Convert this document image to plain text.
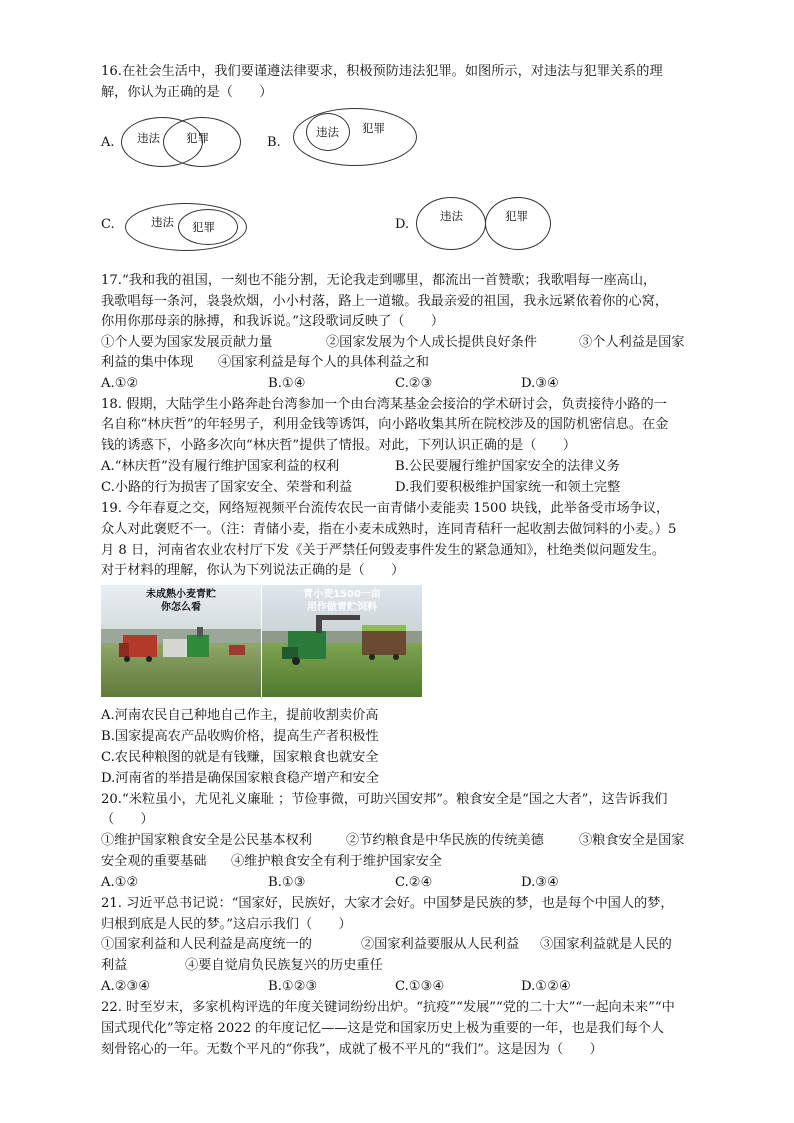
16.在社会生活中，我们要谨遵法律要求，积极预防违法犯罪。如图所示，对违法与犯罪关系的理
解，你认为正确的是（　　）
A. 违法 犯罪	B.
违法 犯罪
C.	违法 犯罪	D.
违法	犯罪
17.“我和我的祖国，一刻也不能分割，无论我走到哪里，都流出一首赞歌；我歌唱每一座高山，
我歌唱每一条河，袅袅炊烟，小小村落，路上一道辙。我最亲爱的祖国，我永远紧依着你的心窝，
你用你那母亲的脉搏，和我诉说。”这段歌词反映了（　　）
①个人要为国家发展贡献力量	②国家发展为个人成长提供良好条件	③个人利益是国家
利益的集中体现 ④国家利益是每个人的具体利益之和
A.①②	B.①④	C.②③	D.③④
18. 假期，大陆学生小路奔赴台湾参加一个由台湾某基金会接洽的学术研讨会，负责接待小路的一
名自称“林庆哲”的年轻男子，利用金钱等诱饵，向小路收集其所在院校涉及的国防机密信息。在金
钱的诱惑下，小路多次向“林庆哲”提供了情报。对此，下列认识正确的是（　　）
A.“林庆哲”没有履行维护国家利益的权利	B.公民要履行维护国家安全的法律义务
C.小路的行为损害了国家安全、荣誉和利益	D.我们要积极维护国家统一和领土完整
19. 今年春夏之交，网络短视频平台流传农民一亩青储小麦能卖 1500 块钱，此举备受市场争议，
众人对此褒贬不一。（注：青储小麦，指在小麦未成熟时，连同青秸秆一起收割去做饲料的小麦。）5
月 8 日，河南省农业农村厅下发《关于严禁任何毁麦事件发生的紧急通知》，杜绝类似问题发生。
对于材料的理解，你认为下列说法正确的是（　　）
未成熟小麦青贮
你怎么看
青小麦1500一亩
用作做青贮饲料
A.河南农民自己种地自己作主，提前收割卖价高
B.国家提高农产品收购价格，提高生产者积极性
C.农民种粮图的就是有钱赚，国家粮食也就安全
D.河南省的举措是确保国家粮食稳产增产和安全
20.“米粒虽小，尤见礼义廉耻 ；节俭事微，可助兴国安邦”。粮食安全是“国之大者”，这告诉我们
（　　）
①维护国家粮食安全是公民基本权利	②节约粮食是中华民族的传统美德	③粮食安全是国家
安全观的重要基础 ④维护粮食安全有利于维护国家安全
A.①②	B.①③	C.②④	D.③④
21. 习近平总书记说：“国家好，民族好，大家才会好。中国梦是民族的梦，也是每个中国人的梦，
归根到底是人民的梦。”这启示我们（　　）
①国家利益和人民利益是高度统一的	②国家利益要服从人民利益 ③国家利益就是人民的
利益	④要自觉肩负民族复兴的历史重任
A.②③④	B.①②③	C.①③④	D.①②④
22. 时至岁末，多家机构评选的年度关键词纷纷出炉。“抗疫”“发展”“党的二十大”“一起向未来”“中
国式现代化”等定格 2022 的年度记忆——这是党和国家历史上极为重要的一年，也是我们每个人
刻骨铭心的一年。无数个平凡的“你我”，成就了极不平凡的“我们”。这是因为（　　）
